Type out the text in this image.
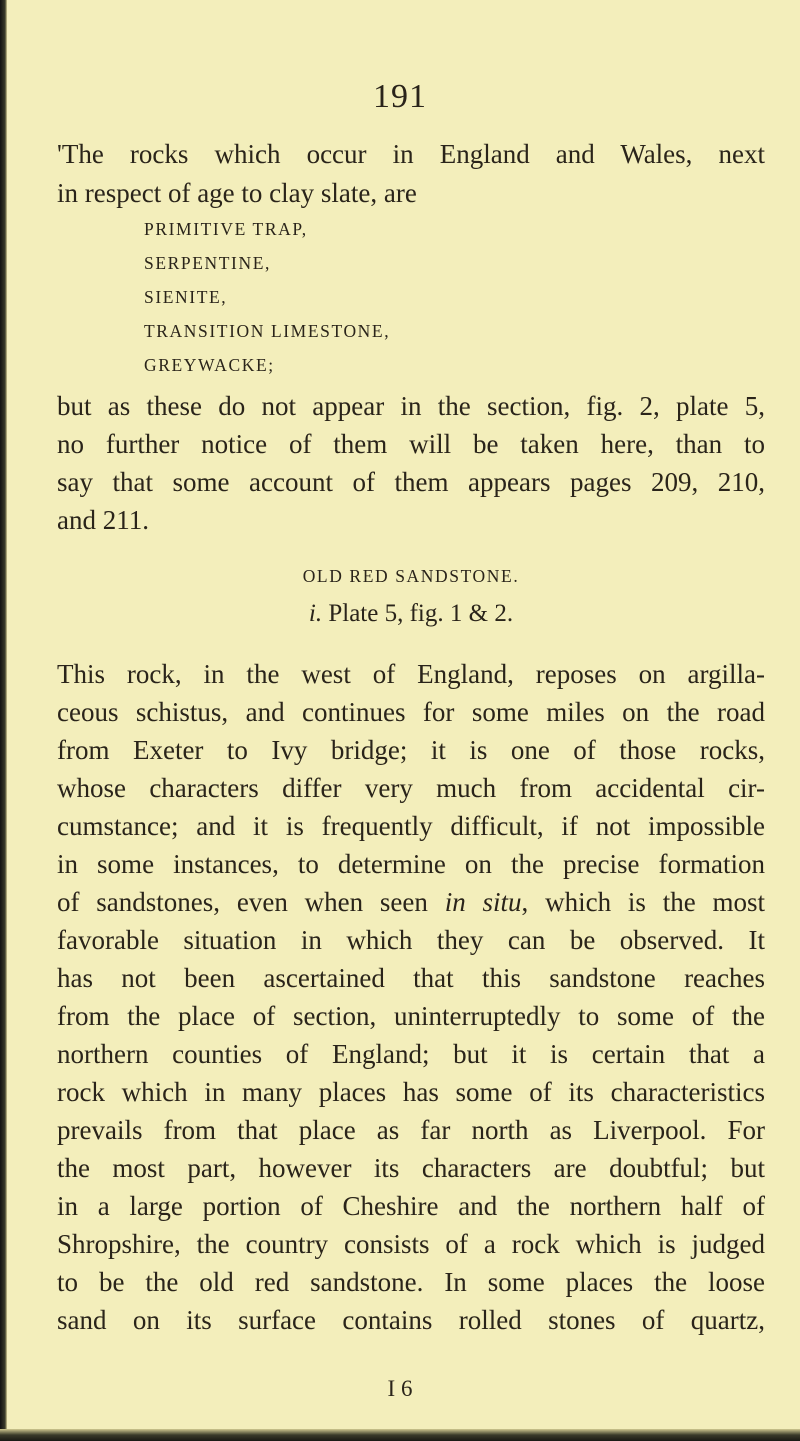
191
'The rocks which occur in England and Wales, next
in respect of age to clay slate, are
PRIMITIVE TRAP,
SERPENTINE,
SIENITE,
TRANSITION LIMESTONE,
GREYWACKE;
but as these do not appear in the section, fig. 2, plate 5,
no further notice of them will be taken here, than to
say that some account of them appears pages 209, 210,
and 211.
OLD RED SANDSTONE.
i. Plate 5, fig. 1 & 2.
This rock, in the west of England, reposes on argilla-
ceous schistus, and continues for some miles on the road
from Exeter to Ivy bridge; it is one of those rocks,
whose characters differ very much from accidental cir-
cumstance; and it is frequently difficult, if not impossible
in some instances, to determine on the precise formation
of sandstones, even when seen in situ, which is the most
favorable situation in which they can be observed. It
has not been ascertained that this sandstone reaches
from the place of section, uninterruptedly to some of the
northern counties of England; but it is certain that a
rock which in many places has some of its characteristics
prevails from that place as far north as Liverpool. For
the most part, however its characters are doubtful; but
in a large portion of Cheshire and the northern half of
Shropshire, the country consists of a rock which is judged
to be the old red sandstone. In some places the loose
sand on its surface contains rolled stones of quartz,
I 6
